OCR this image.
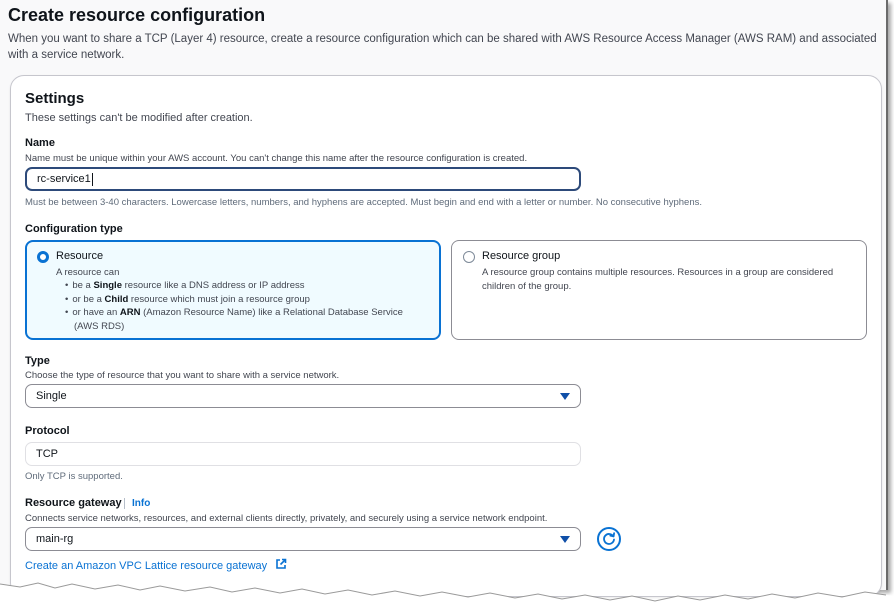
Create resource configuration

When you want to share a TCP (Layer 4) resource, create a resource configuration which can be shared with AWS Resource Access Manager (AWS RAM) and associated with a service network.

Settings
These settings can't be modified after creation.
Name
Name must be unique within your AWS account. You can't change this name after the resource configuration is created.
rc-service1
Must be between 3-40 characters. Lowercase letters, numbers, and hyphens are accepted. Must begin and end with a letter or number. No consecutive hyphens.
Configuration type
Resource
A resource can
• be a Single resource like a DNS address or IP address
• or be a Child resource which must join a resource group
• or have an ARN (Amazon Resource Name) like a Relational Database Service (AWS RDS)
Resource group
A resource group contains multiple resources. Resources in a group are considered children of the group.
Type
Choose the type of resource that you want to share with a service network.
Single
Protocol
TCP
Only TCP is supported.
Resource gateway Info
Connects service networks, resources, and external clients directly, privately, and securely using a service network endpoint.
main-rg
Create an Amazon VPC Lattice resource gateway
